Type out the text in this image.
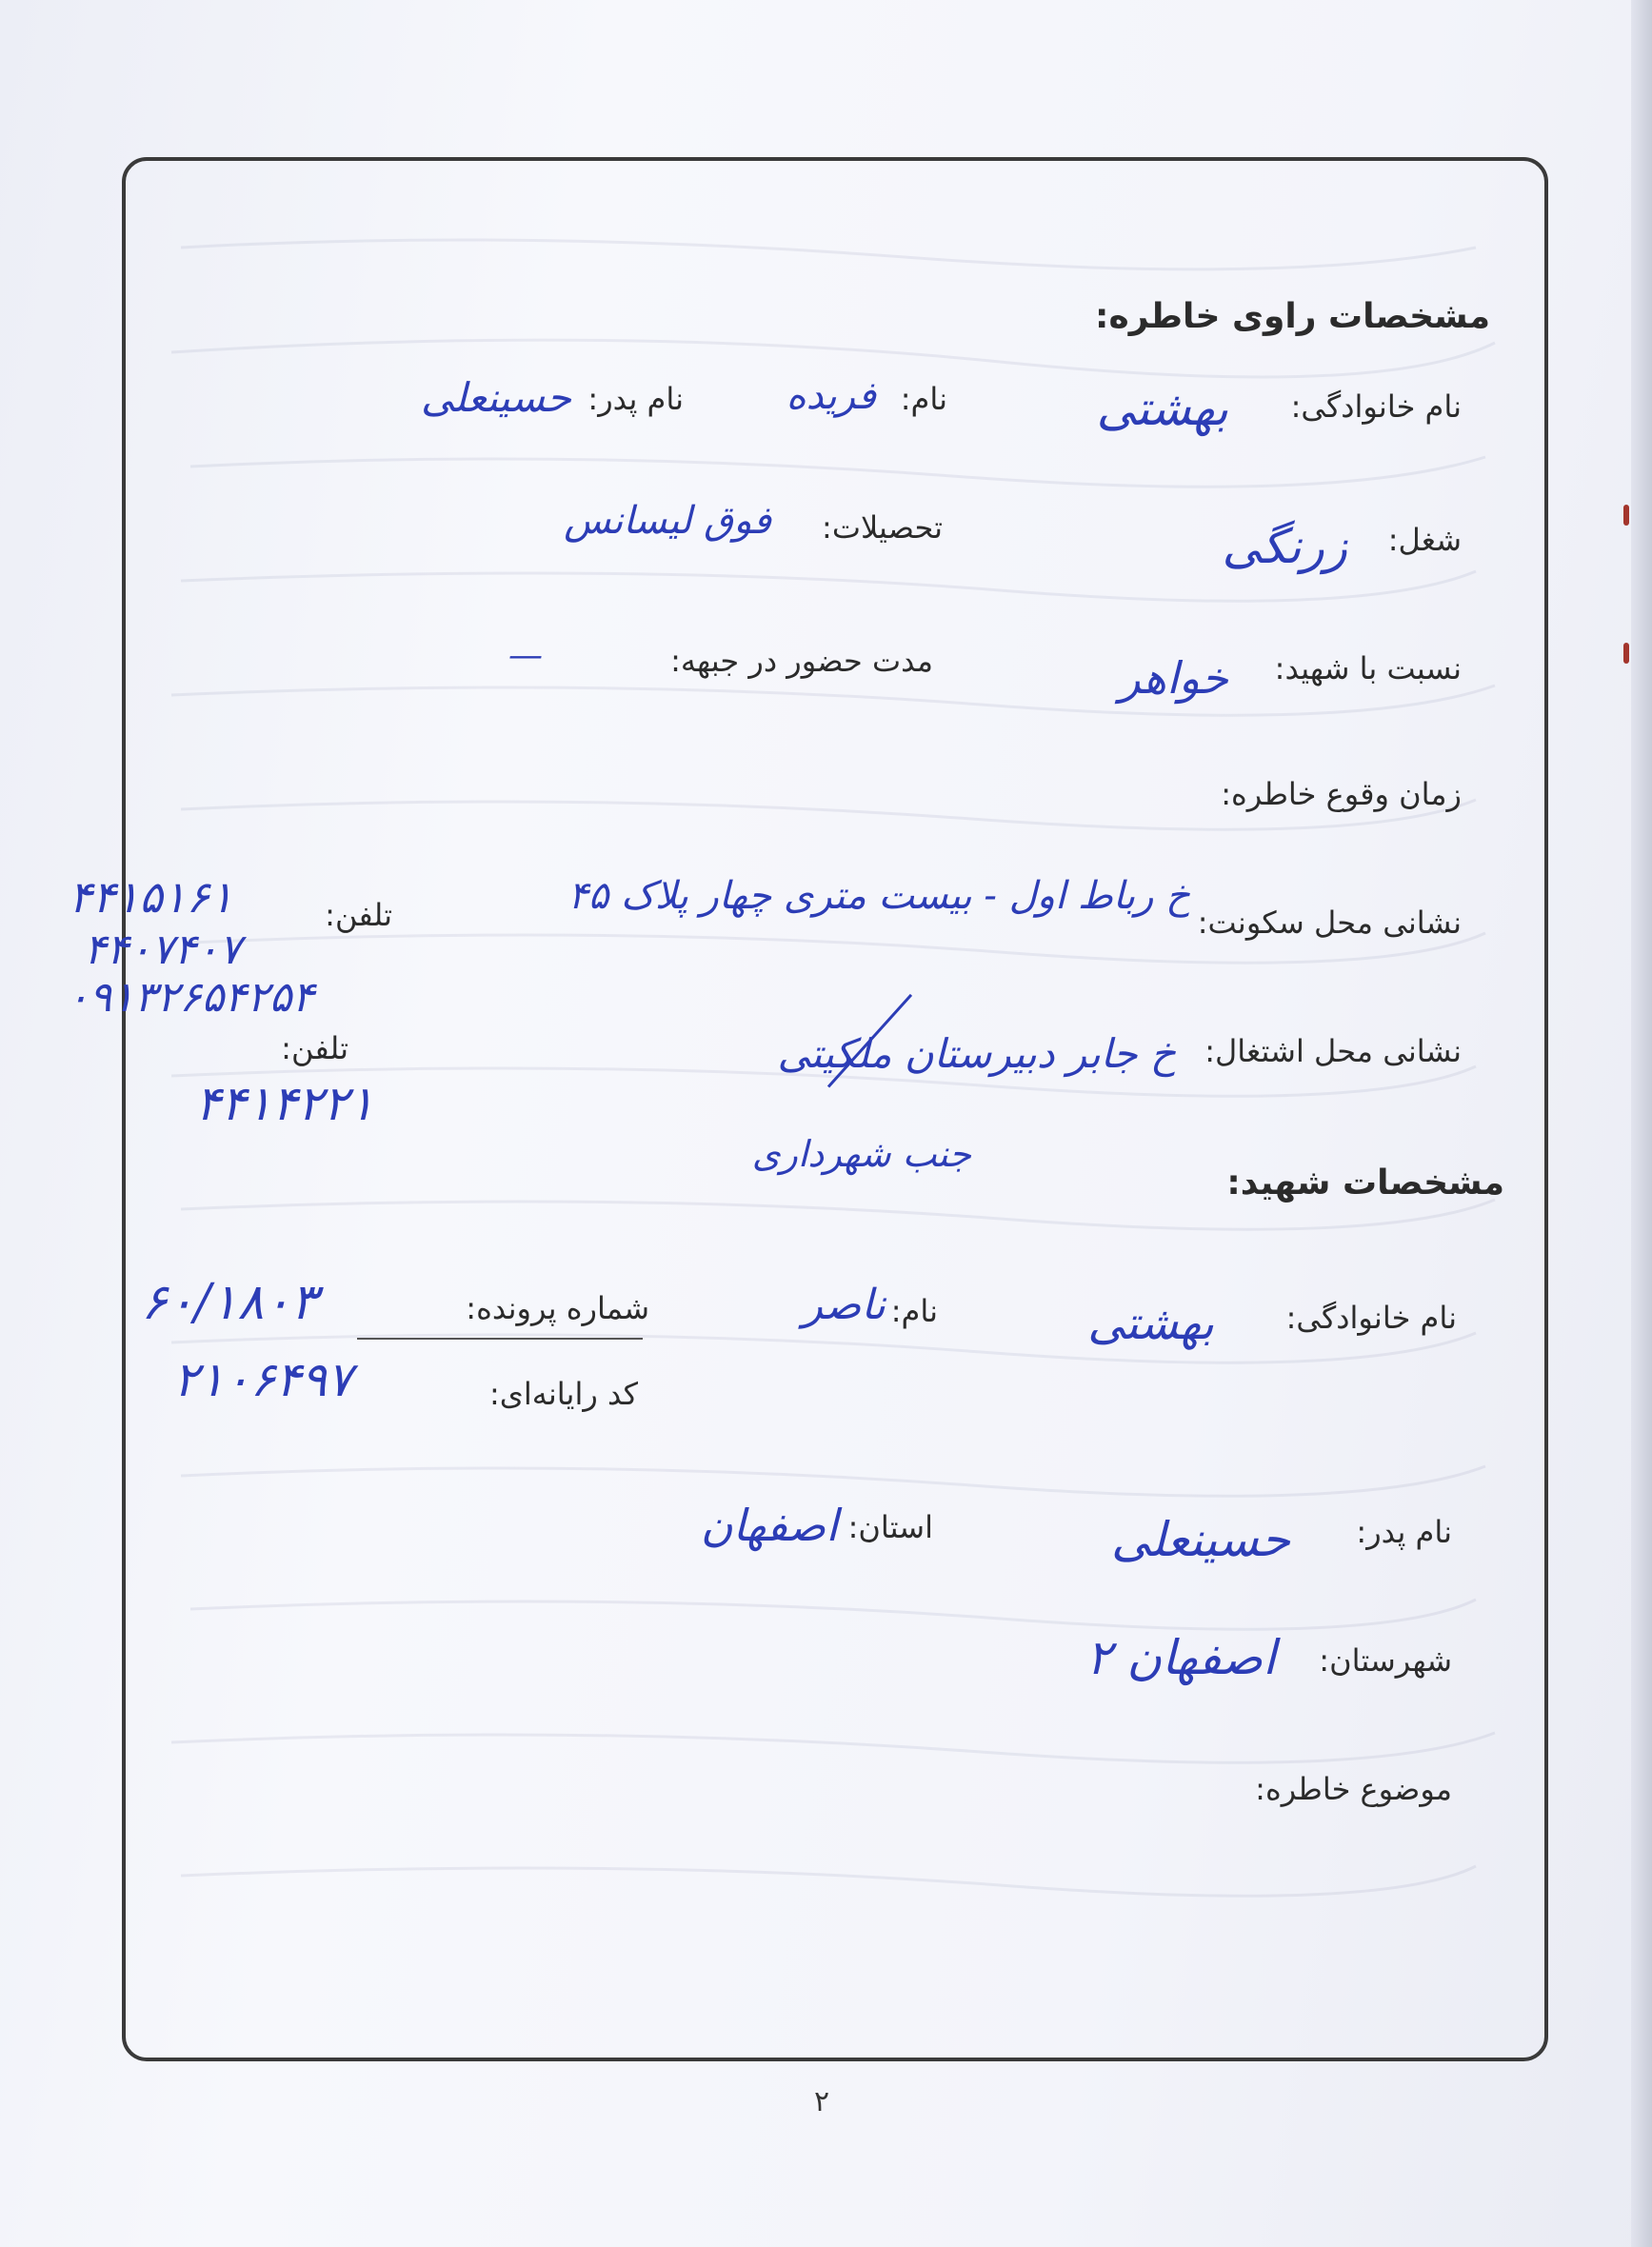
مشخصات راوی خاطره:
نام خانوادگی:
بهشتی
نام:
فریده
نام پدر:
حسینعلی
شغل:
زرنگی
تحصیلات:
فوق لیسانس
نسبت با شهید:
خواهر
مدت حضور در جبهه:
—
زمان وقوع خاطره:
نشانی محل سکونت:
خ رباط اول - بیست متری چهار پلاک ۴۵
تلفن:
۴۴۱۵۱۶۱
۴۴۰۷۴۰۷
۰۹۱۳۲۶۵۴۲۵۴
نشانی محل اشتغال:
خ جابر دبیرستان ملکیتی
جنب شهرداری
تلفن:
۴۴۱۴۲۲۱
مشخصات شهید:
نام خانوادگی:
بهشتی
نام:
ناصر
شماره پرونده:
۶۰/۱۸۰۳
کد رایانه‌ای:
۲۱۰۶۴۹۷
نام پدر:
حسینعلی
استان:
اصفهان
شهرستان:
اصفهان ۲
موضوع خاطره:
۲
